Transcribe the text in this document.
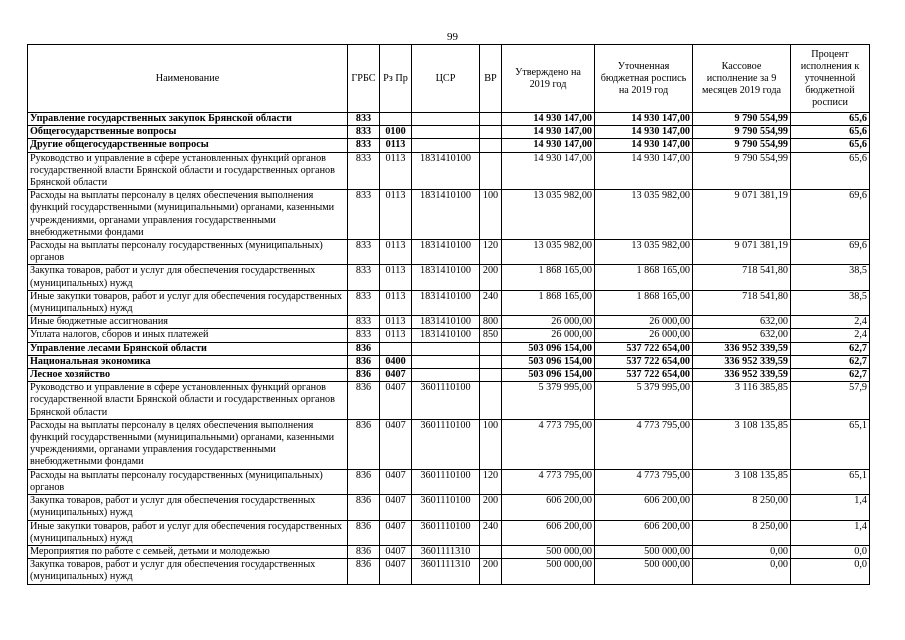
99
Наименование	ГРБС	Рз Пр	ЦСР	ВР	Утверждено на 2019 год	Уточненная бюджетная роспись на 2019 год	Кассовое исполнение за 9 месяцев 2019 года	Процент исполнения к уточненной бюджетной росписи
Управление государственных закупок Брянской области	833				14 930 147,00	14 930 147,00	9 790 554,99	65,6
Общегосударственные вопросы	833	0100			14 930 147,00	14 930 147,00	9 790 554,99	65,6
Другие общегосударственные вопросы	833	0113			14 930 147,00	14 930 147,00	9 790 554,99	65,6
Руководство и управление в сфере установленных функций органов государственной власти Брянской области и государственных органов Брянской области	833	0113	1831410100		14 930 147,00	14 930 147,00	9 790 554,99	65,6
Расходы на выплаты персоналу в целях обеспечения выполнения функций государственными (муниципальными) органами, казенными учреждениями, органами управления государственными внебюджетными фондами	833	0113	1831410100	100	13 035 982,00	13 035 982,00	9 071 381,19	69,6
Расходы на выплаты персоналу государственных (муниципальных) органов	833	0113	1831410100	120	13 035 982,00	13 035 982,00	9 071 381,19	69,6
Закупка товаров, работ и услуг для обеспечения государственных (муниципальных) нужд	833	0113	1831410100	200	1 868 165,00	1 868 165,00	718 541,80	38,5
Иные закупки товаров, работ и услуг для обеспечения государственных (муниципальных) нужд	833	0113	1831410100	240	1 868 165,00	1 868 165,00	718 541,80	38,5
Иные бюджетные ассигнования	833	0113	1831410100	800	26 000,00	26 000,00	632,00	2,4
Уплата налогов, сборов и иных платежей	833	0113	1831410100	850	26 000,00	26 000,00	632,00	2,4
Управление лесами Брянской области	836				503 096 154,00	537 722 654,00	336 952 339,59	62,7
Национальная экономика	836	0400			503 096 154,00	537 722 654,00	336 952 339,59	62,7
Лесное хозяйство	836	0407			503 096 154,00	537 722 654,00	336 952 339,59	62,7
Руководство и управление в сфере установленных функций органов государственной власти Брянской области и государственных органов Брянской области	836	0407	3601110100		5 379 995,00	5 379 995,00	3 116 385,85	57,9
Расходы на выплаты персоналу в целях обеспечения выполнения функций государственными (муниципальными) органами, казенными учреждениями, органами управления государственными внебюджетными фондами	836	0407	3601110100	100	4 773 795,00	4 773 795,00	3 108 135,85	65,1
Расходы на выплаты персоналу государственных (муниципальных) органов	836	0407	3601110100	120	4 773 795,00	4 773 795,00	3 108 135,85	65,1
Закупка товаров, работ и услуг для обеспечения государственных (муниципальных) нужд	836	0407	3601110100	200	606 200,00	606 200,00	8 250,00	1,4
Иные закупки товаров, работ и услуг для обеспечения государственных (муниципальных) нужд	836	0407	3601110100	240	606 200,00	606 200,00	8 250,00	1,4
Мероприятия по работе с семьей, детьми и молодежью	836	0407	3601111310		500 000,00	500 000,00	0,00	0,0
Закупка товаров, работ и услуг для обеспечения государственных (муниципальных) нужд	836	0407	3601111310	200	500 000,00	500 000,00	0,00	0,0
